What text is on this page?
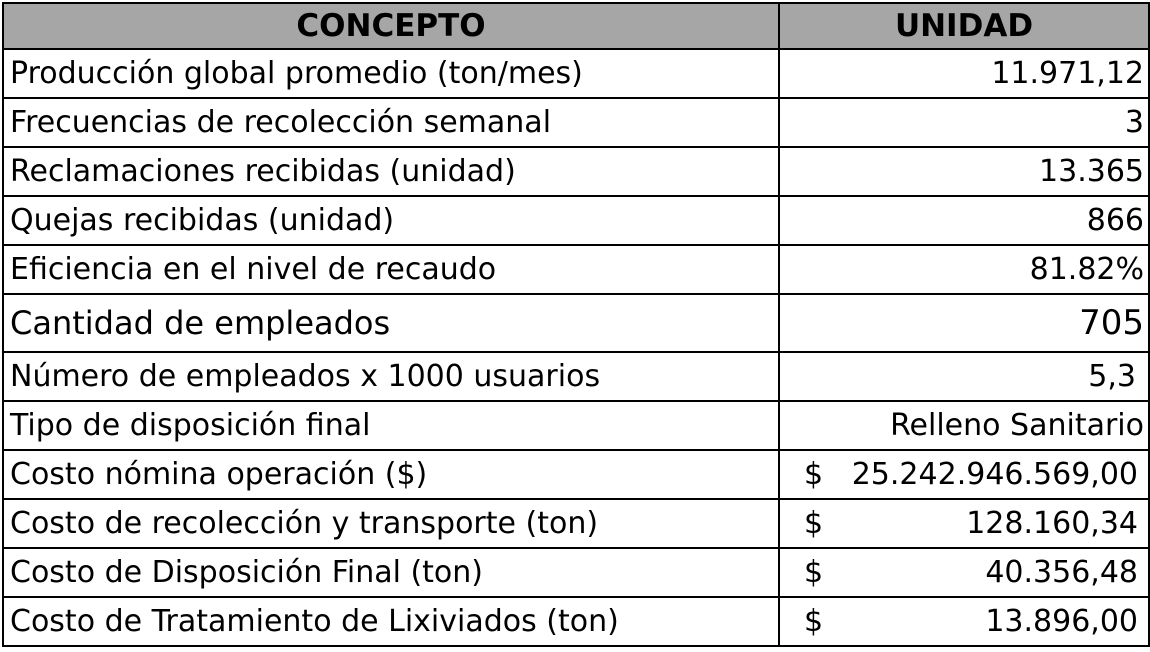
CONCEPTO	UNIDAD
Producción global promedio (ton/mes)	11.971,12
Frecuencias de recolección semanal	3
Reclamaciones recibidas (unidad)	13.365
Quejas recibidas (unidad)	866
Eficiencia en el nivel de recaudo	81.82%
Cantidad de empleados	705
Número de empleados x 1000 usuarios	5,3
Tipo de disposición final	Relleno Sanitario
Costo nómina operación ($)	$ 25.242.946.569,00

Costo de recolección y transporte (ton)	$ 128.160,34

Costo de Disposición Final (ton)	$ 40.356,48

Costo de Tratamiento de Lixiviados (ton)	$ 13.896,00
